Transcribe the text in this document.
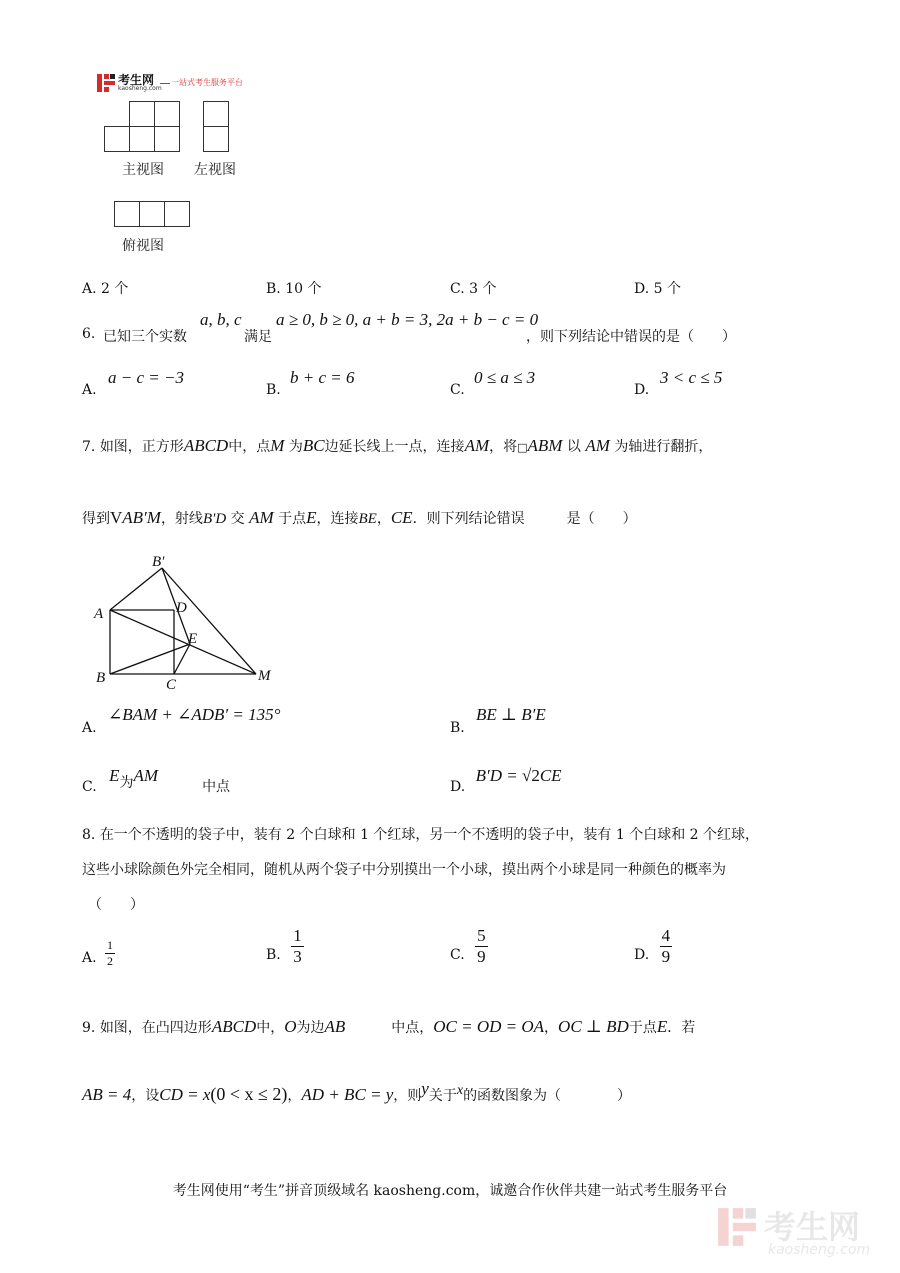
考生网
kaosheng.com
一站式考生服务平台
主视图 左视图
俯视图
A. 2 个	B. 10 个	C. 3 个	D. 5 个
6. 已知三个实数
a, b, c
满足
a ≥ 0, b ≥ 0, a + b = 3, 2a + b − c = 0
，则下列结论中错误的是（　　）
A.
a − c = −3
B.
b + c = 6
C.
0 ≤ a ≤ 3
D.
3 < c ≤ 5
7. 如图，正方形ABCD中，点M 为BC边延长线上一点，连接AM，将□ABM 以 AM 为轴进行翻折，
得到VAB′M，射线B′D 交 AM 于点E，连接BE，CE．则下列结论错误	是（　　）
B′
A	D
E
B	C
M
A.
∠BAM + ∠ADB′ = 135°
B.
BE ⊥ B′E
C. E为AM中点	D. B′D = √2CE
8. 在一个不透明的袋子中，装有 2 个白球和 1 个红球，另一个不透明的袋子中，装有 1 个白球和 2 个红球，
这些小球除颜色外完全相同，随机从两个袋子中分别摸出一个小球，摸出两个小球是同一种颜色的概率为
（　　）
A. $\frac{1}{2}$	B. $\frac{1}{3}$	C. $\frac{5}{9}$	D. $\frac{4}{9}$
9. 如图，在凸四边形ABCD中，O为边AB	中点，OC = OD = OA，OC ⊥ BD于点E．若
AB = 4，设CD = x(0 < x ≤ 2)，AD + BC = y，则y关于x的函数图象为（　　　　）
考生网使用“考生”拼音顶级域名 kaosheng.com，诚邀合作伙伴共建一站式考生服务平台
考生网
kaosheng.com
